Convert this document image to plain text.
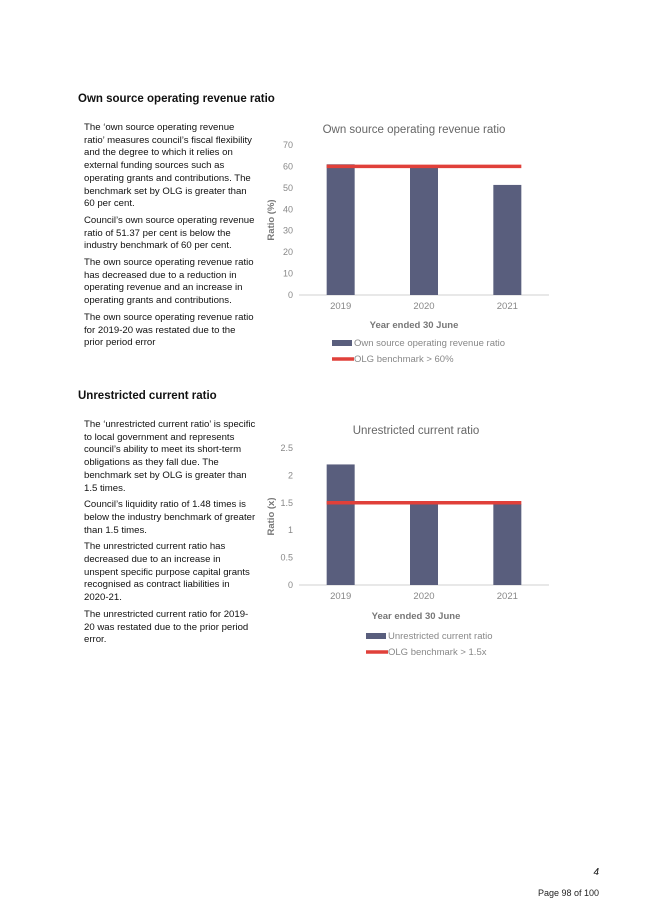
Own source operating revenue ratio

The ‘own source operating revenue ratio’ measures council’s fiscal flexibility and the degree to which it relies on external funding sources such as operating grants and contributions. The benchmark set by OLG is greater than 60 per cent.

Council’s own source operating revenue ratio of 51.37 per cent is below the industry benchmark of 60 per cent.

The own source operating revenue ratio has decreased due to a reduction in operating revenue and an increase in operating grants and contributions.

The own source operating revenue ratio for 2019-20 was restated due to the prior period error

Own source operating revenue ratio
0
10
20
30
40
50
60
70
2019	2020	2021
Ratio (%)
Year ended 30 June
Own source operating revenue ratio
OLG benchmark > 60%
Unrestricted current ratio

The ‘unrestricted current ratio’ is specific to local government and represents council’s ability to meet its short-term obligations as they fall due. The benchmark set by OLG is greater than 1.5 times.

Council’s liquidity ratio of 1.48 times is below the industry benchmark of greater than 1.5 times.

The unrestricted current ratio has decreased due to an increase in unspent specific purpose capital grants recognised as contract liabilities in 2020-21.

The unrestricted current ratio for 2019-20 was restated due to the prior period error.

Unrestricted current ratio
0
0.5
1
1.5
2
2.5
2019	2020	2021
Ratio (x)
Year ended 30 June
Unrestricted current ratio
OLG benchmark > 1.5x
4
Page 98 of 100
